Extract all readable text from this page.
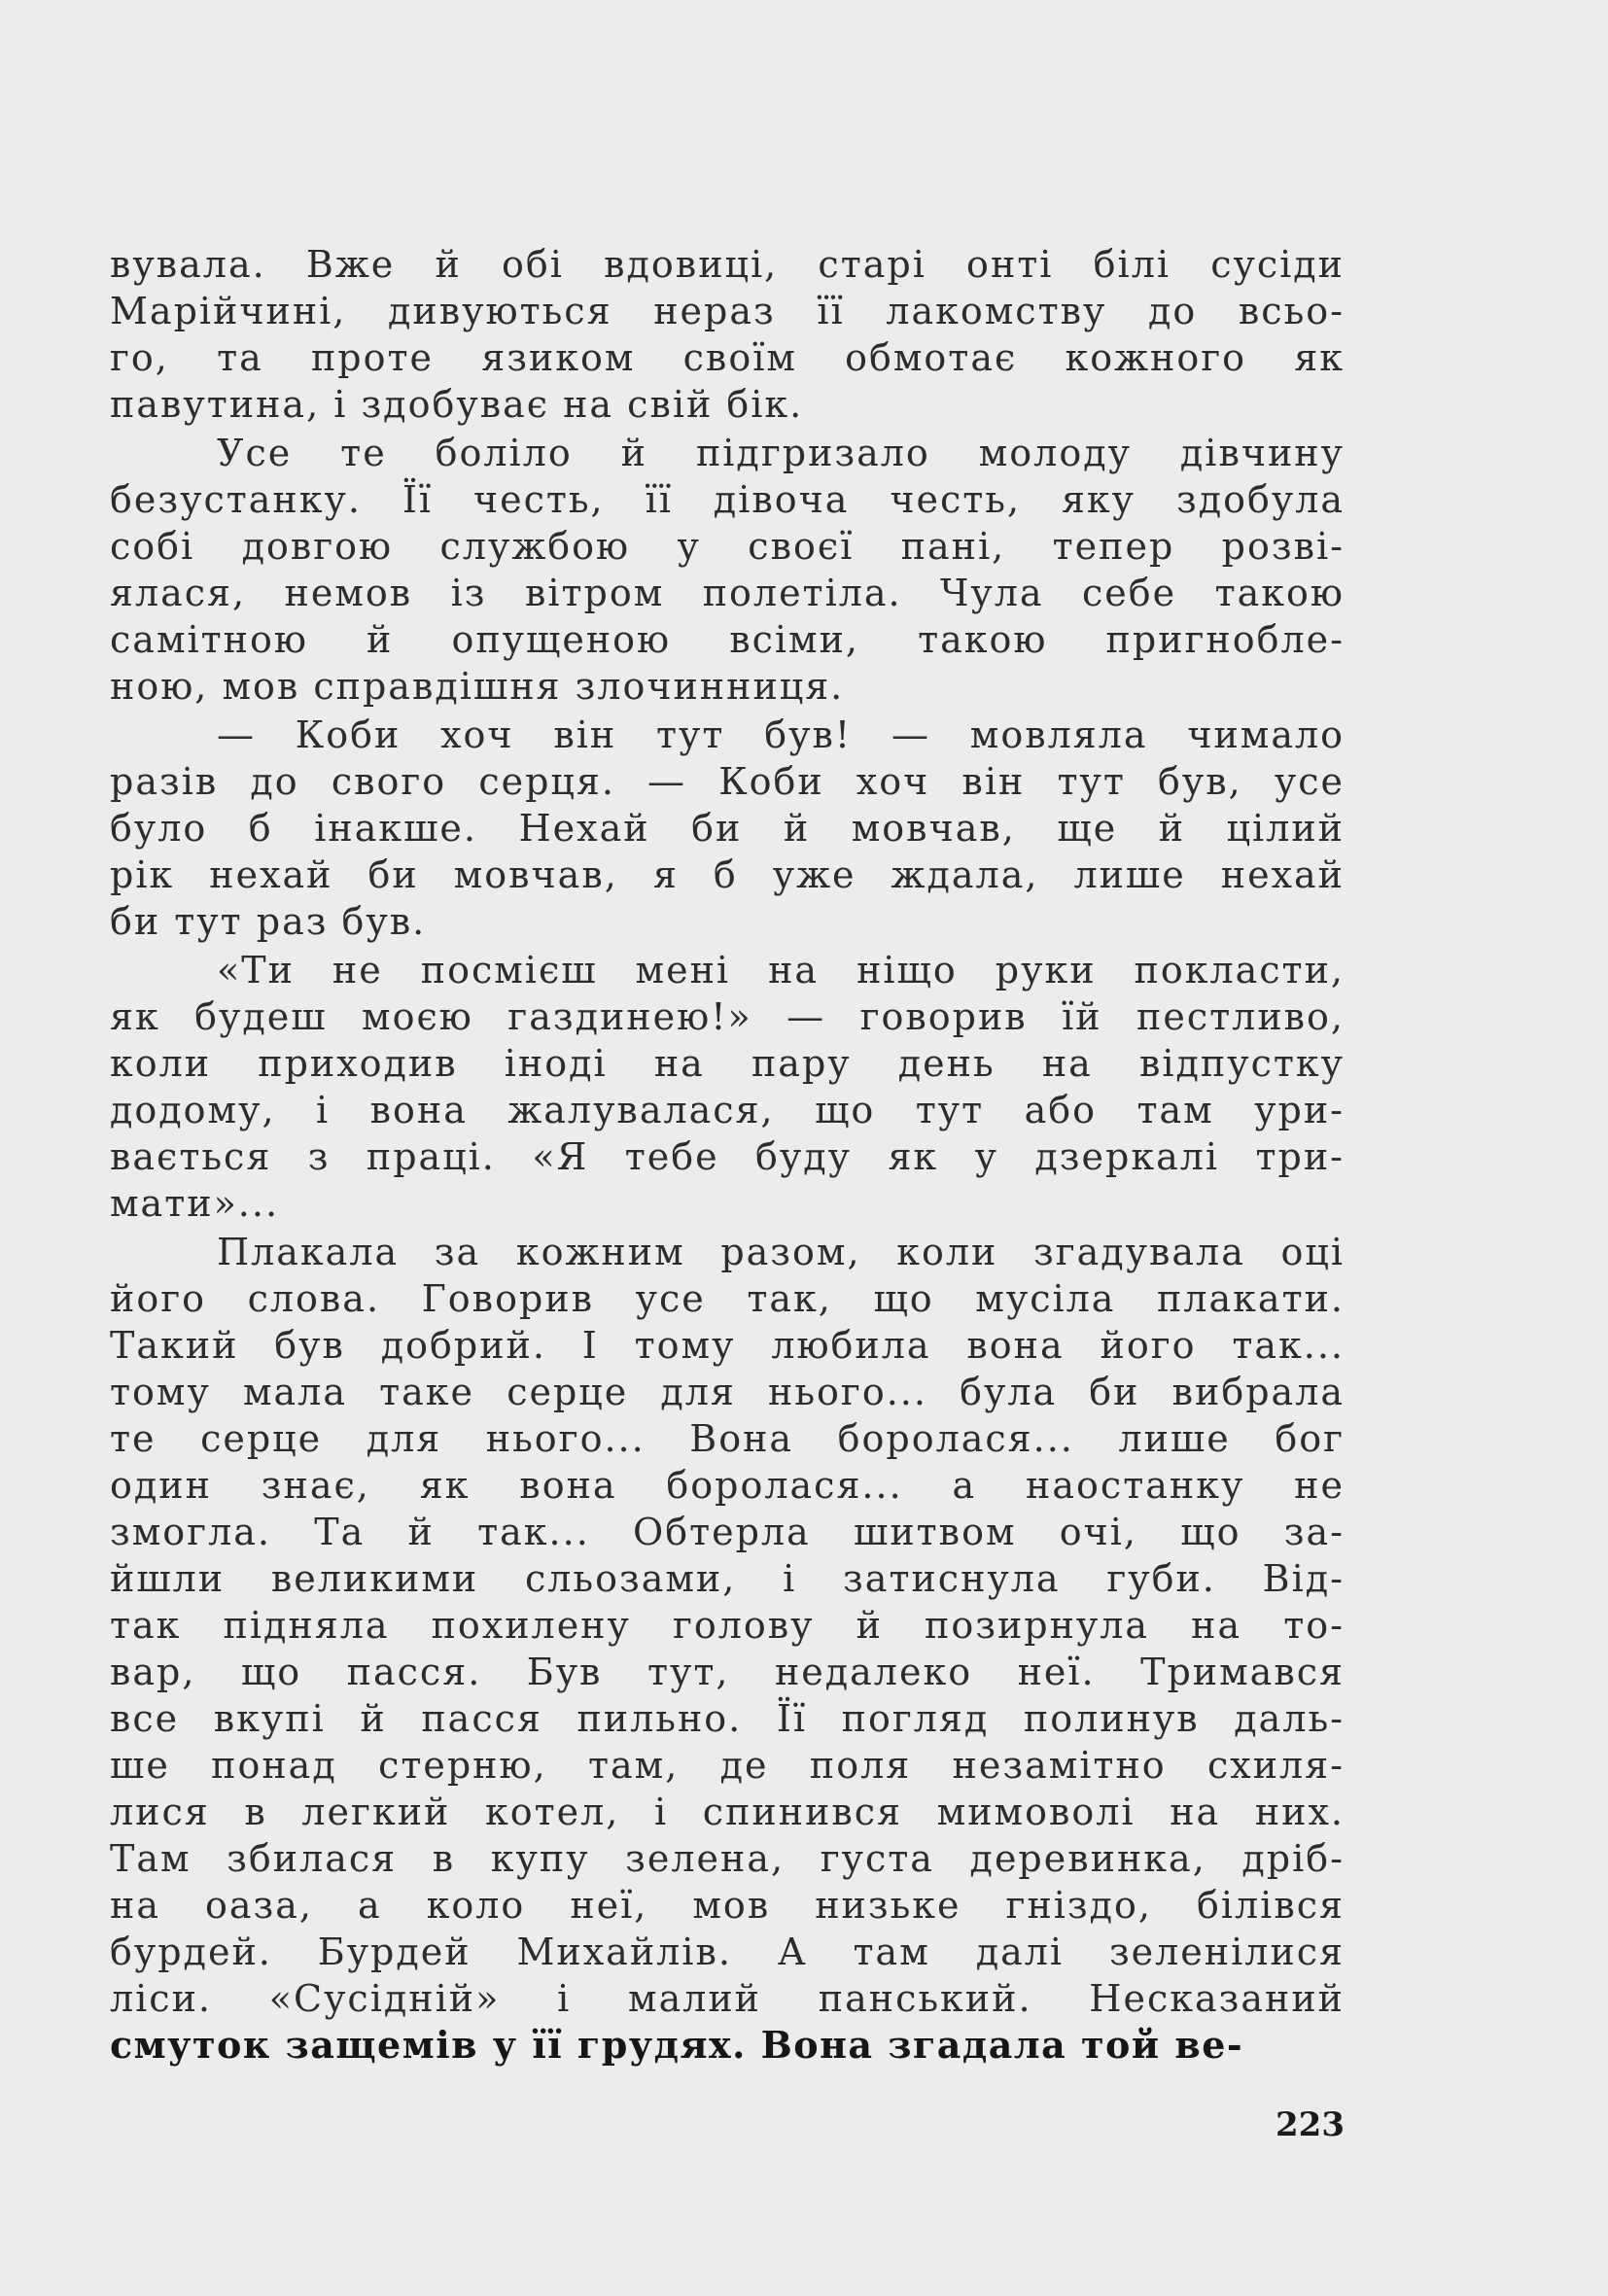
вувала. Вже й обі вдовиці, старі онті білі сусіди
Марійчині, дивуються нераз її лакомству до всьо-
го, та проте язиком своїм обмотає кожного як
павутина, і здобуває на свій бік.
Усе те боліло й підгризало молоду дівчину
безустанку. Її честь, її дівоча честь, яку здобула
собі довгою службою у своєї пані, тепер розві-
ялася, немов із вітром полетіла. Чула себе такою
самітною й опущеною всіми, такою пригнобле-
ною, мов справдішня злочинниця.
— Коби хоч він тут був! — мовляла чимало
разів до свого серця. — Коби хоч він тут був, усе
було б інакше. Нехай би й мовчав, ще й цілий
рік нехай би мовчав, я б уже ждала, лише нехай
би тут раз був.
«Ти не посмієш мені на ніщо руки покласти,
як будеш моєю газдинею!» — говорив їй пестливо,
коли приходив іноді на пару день на відпустку
додому, і вона жалувалася, що тут або там ури-
вається з праці. «Я тебе буду як у дзеркалі три-
мати»...
Плакала за кожним разом, коли згадувала оці
його слова. Говорив усе так, що мусіла плакати.
Такий був добрий. І тому любила вона його так...
тому мала таке серце для нього... була би вибрала
те серце для нього... Вона боролася... лише бог
один знає, як вона боролася... а наостанку не
змогла. Та й так... Обтерла шитвом очі, що за-
йшли великими сльозами, і затиснула губи. Від-
так підняла похилену голову й позирнула на то-
вар, що пасся. Був тут, недалеко неї. Тримався
все вкупі й пасся пильно. Її погляд полинув даль-
ше понад стерню, там, де поля незамітно схиля-
лися в легкий котел, і спинився мимоволі на них.
Там збилася в купу зелена, густа деревинка, дріб-
на оаза, а коло неї, мов низьке гніздо, білівся
бурдей. Бурдей Михайлів. А там далі зеленілися
ліси. «Сусідній» і малий панський. Несказаний
смуток защемів у її грудях. Вона згадала той ве-
223
